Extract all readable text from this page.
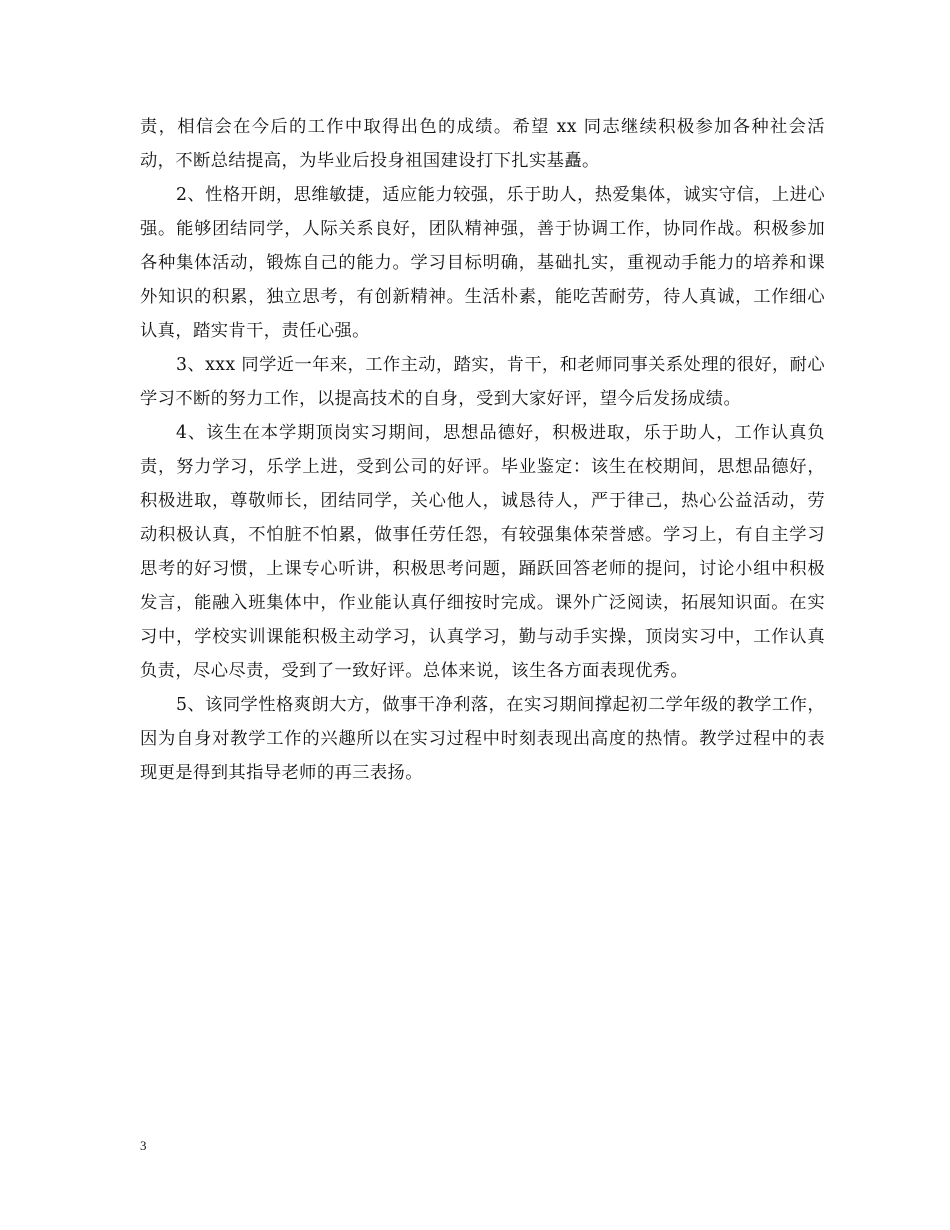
责，相信会在今后的工作中取得出色的成绩。希望 xx 同志继续积极参加各种社会活动，不断总结提高，为毕业后投身祖国建设打下扎实基矗。

2、性格开朗，思维敏捷，适应能力较强，乐于助人，热爱集体，诚实守信，上进心强。能够团结同学，人际关系良好，团队精神强，善于协调工作，协同作战。积极参加各种集体活动，锻炼自己的能力。学习目标明确，基础扎实，重视动手能力的培养和课外知识的积累，独立思考，有创新精神。生活朴素，能吃苦耐劳，待人真诚，工作细心认真，踏实肯干，责任心强。

3、xxx 同学近一年来，工作主动，踏实，肯干，和老师同事关系处理的很好，耐心学习不断的努力工作，以提高技术的自身，受到大家好评，望今后发扬成绩。

4、该生在本学期顶岗实习期间，思想品德好，积极进取，乐于助人，工作认真负责，努力学习，乐学上进，受到公司的好评。毕业鉴定：该生在校期间，思想品德好，积极进取，尊敬师长，团结同学，关心他人，诚恳待人，严于律己，热心公益活动，劳动积极认真，不怕脏不怕累，做事任劳任怨，有较强集体荣誉感。学习上，有自主学习思考的好习惯，上课专心听讲，积极思考问题，踊跃回答老师的提问，讨论小组中积极发言，能融入班集体中，作业能认真仔细按时完成。课外广泛阅读，拓展知识面。在实习中，学校实训课能积极主动学习，认真学习，勤与动手实操，顶岗实习中，工作认真负责，尽心尽责，受到了一致好评。总体来说，该生各方面表现优秀。

5、该同学性格爽朗大方，做事干净利落，在实习期间撑起初二学年级的教学工作，因为自身对教学工作的兴趣所以在实习过程中时刻表现出高度的热情。教学过程中的表现更是得到其指导老师的再三表扬。

3
